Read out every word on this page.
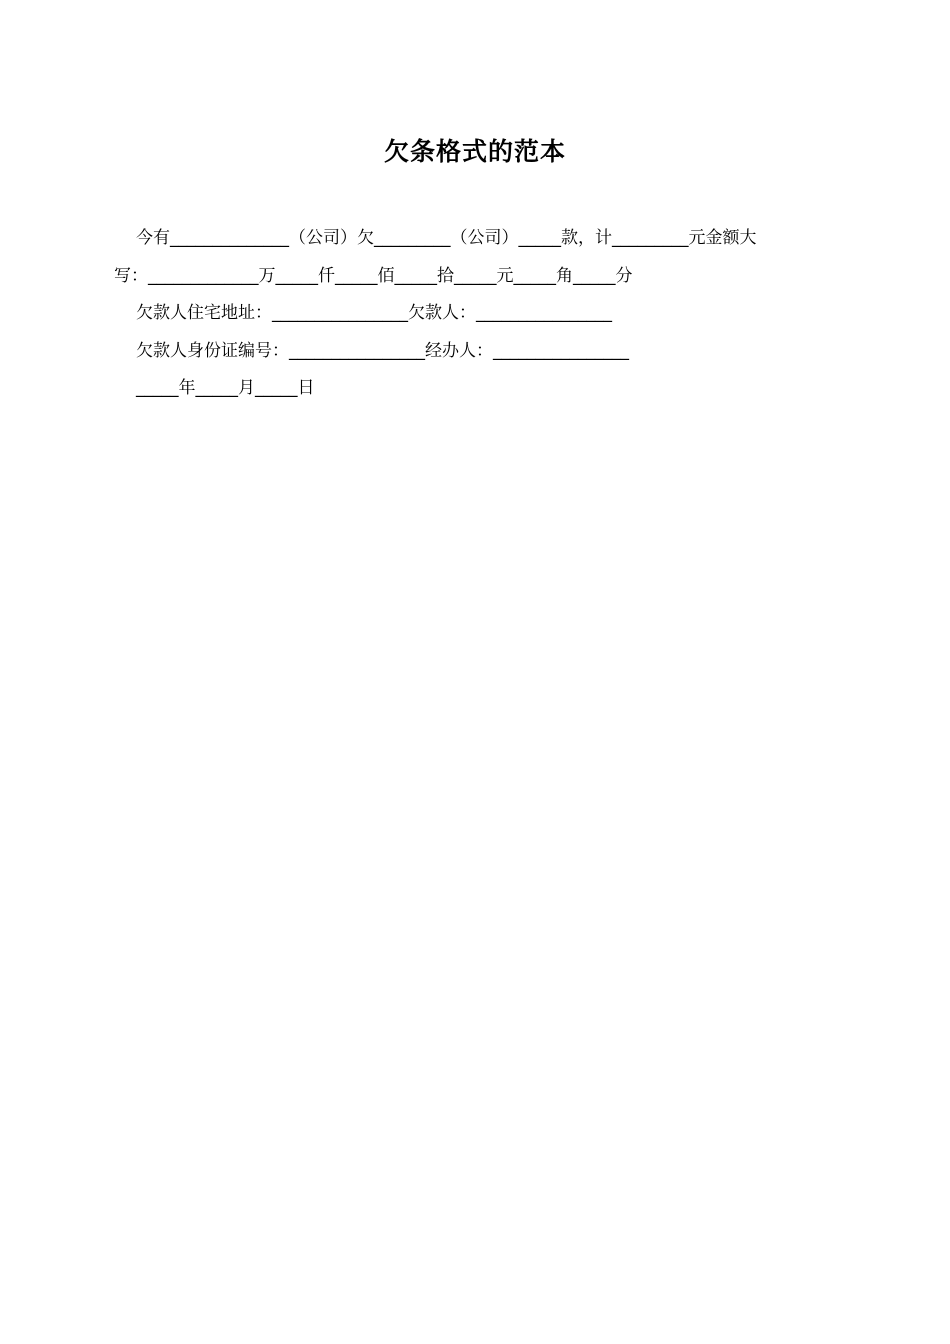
欠条格式的范本
今有______________（公司）欠_________（公司）_____款，计_________元金额大
写：_____________万_____仟_____佰_____拾_____元_____角_____分
欠款人住宅地址：________________欠款人：________________
欠款人身份证编号：________________经办人：________________
_____年_____月_____日
